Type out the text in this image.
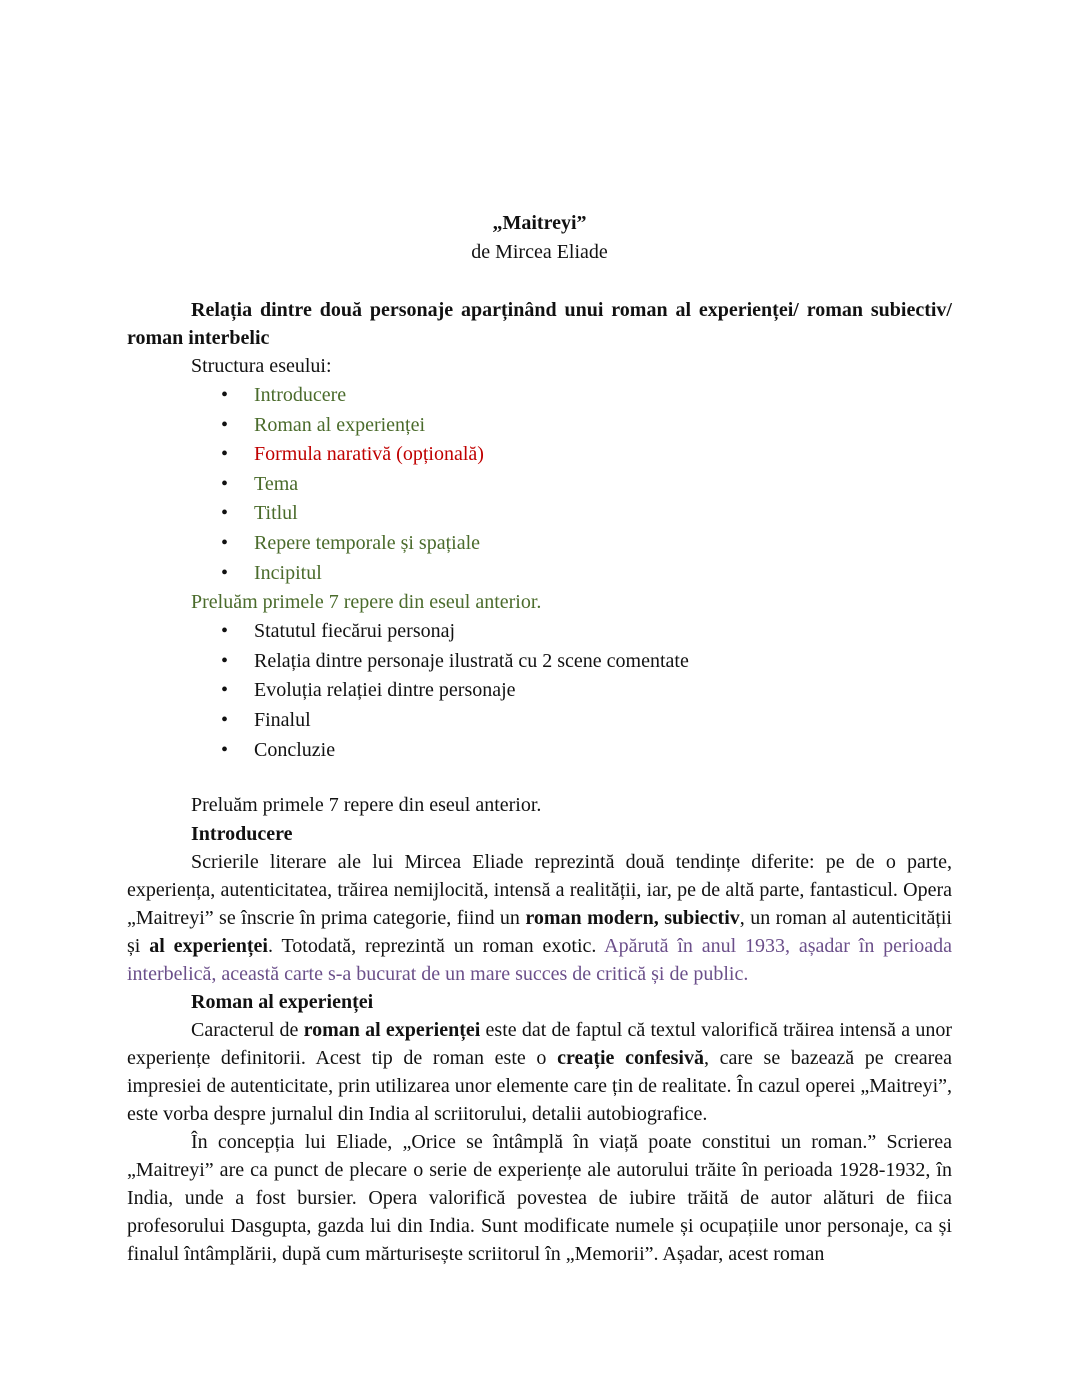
„Maitreyi”
de Mircea Eliade
Relația dintre două personaje aparținând unui roman al experienței/ roman subiectiv/ roman interbelic
Structura eseului:
• Introducere
• Roman al experienței
• Formula narativă (opțională)
• Tema
• Titlul
• Repere temporale și spațiale
• Incipitul
Preluăm primele 7 repere din eseul anterior.
• Statutul fiecărui personaj
• Relația dintre personaje ilustrată cu 2 scene comentate
• Evoluția relației dintre personaje
• Finalul
• Concluzie
Preluăm primele 7 repere din eseul anterior.
Introducere

Scrierile literare ale lui Mircea Eliade reprezintă două tendințe diferite: pe de o parte, experiența, autenticitatea, trăirea nemijlocită, intensă a realității, iar, pe de altă parte, fantasticul. Opera „Maitreyi” se înscrie în prima categorie, fiind un roman modern, subiectiv, un roman al autenticității și al experienței. Totodată, reprezintă un roman exotic. Apărută în anul 1933, așadar în perioada interbelică, această carte s-a bucurat de un mare succes de critică și de public.

Roman al experienței

Caracterul de roman al experienței este dat de faptul că textul valorifică trăirea intensă a unor experiențe definitorii. Acest tip de roman este o creație confesivă, care se bazează pe crearea impresiei de autenticitate, prin utilizarea unor elemente care țin de realitate. În cazul operei „Maitreyi”, este vorba despre jurnalul din India al scriitorului, detalii autobiografice.

În concepția lui Eliade, „Orice se întâmplă în viață poate constitui un roman.” Scrierea „Maitreyi” are ca punct de plecare o serie de experiențe ale autorului trăite în perioada 1928-1932, în India, unde a fost bursier. Opera valorifică povestea de iubire trăită de autor alături de fiica profesorului Dasgupta, gazda lui din India. Sunt modificate numele și ocupațiile unor personaje, ca și finalul întâmplării, după cum mărturisește scriitorul în „Memorii”. Așadar, acest roman
